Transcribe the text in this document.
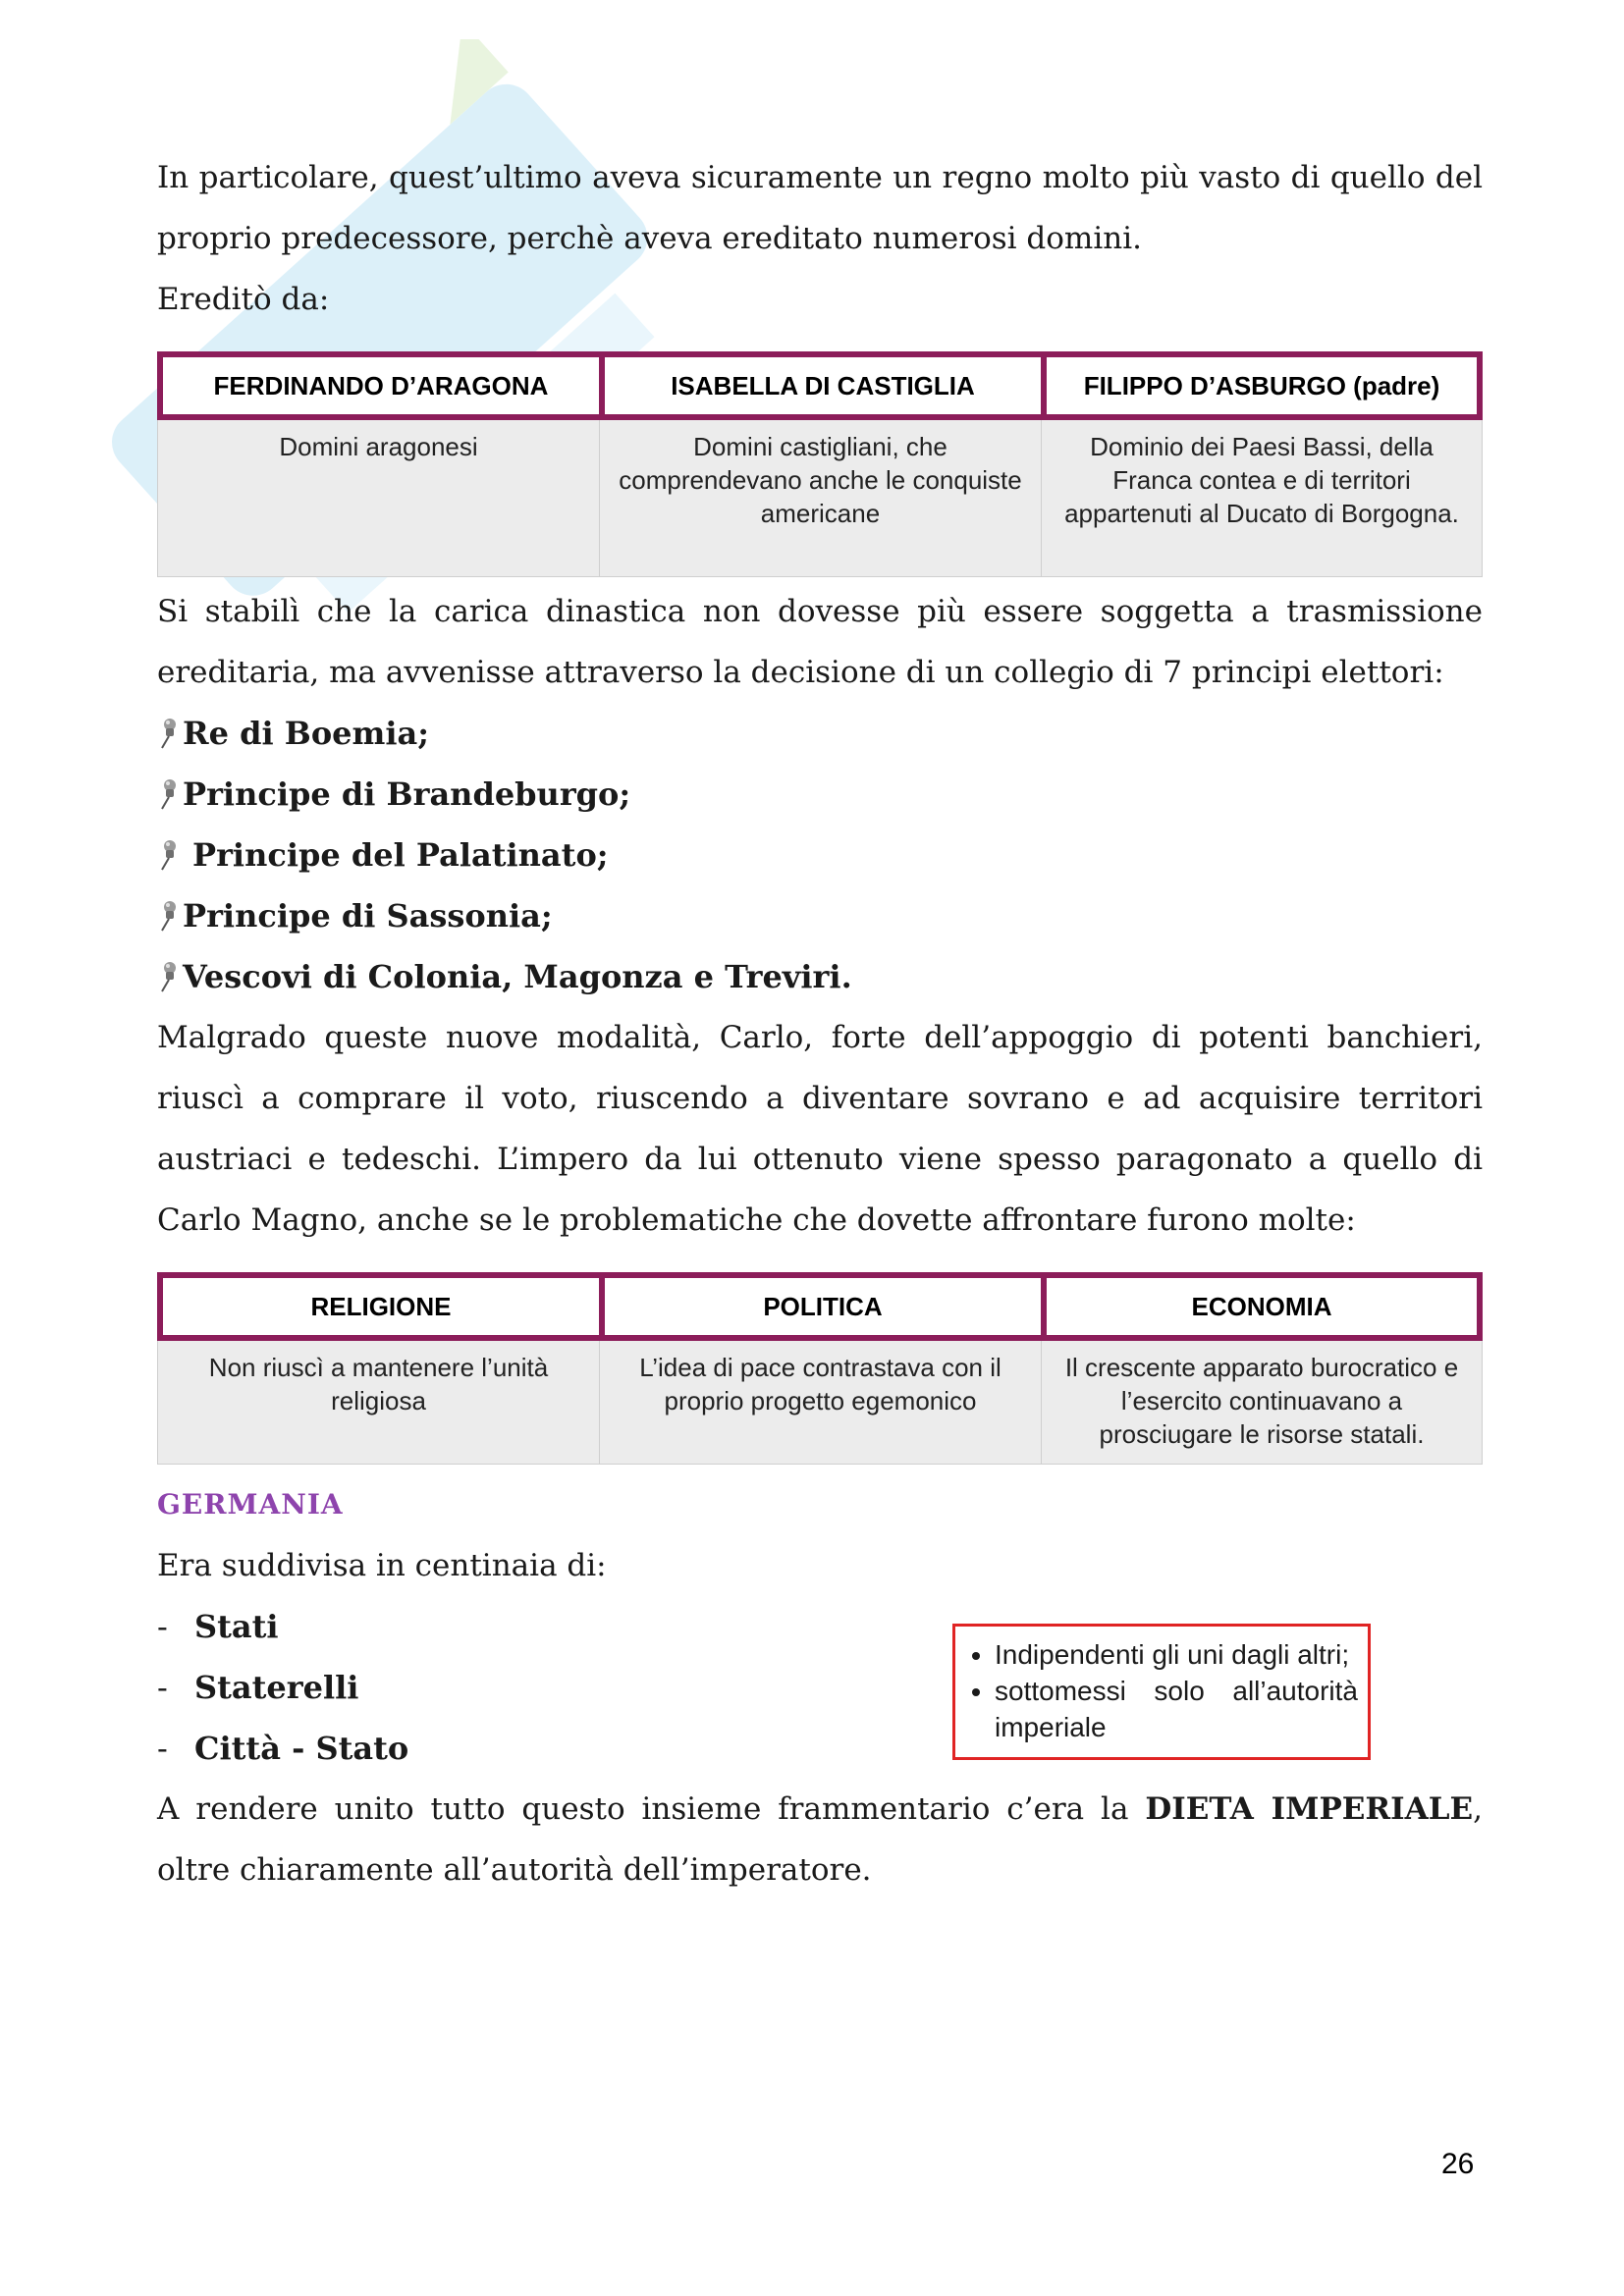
In particolare, quest’ultimo aveva sicuramente un regno molto più vasto di quello del proprio predecessore, perchè aveva ereditato numerosi domini.

Ereditò da:

FERDINANDO D’ARAGONA	ISABELLA DI CASTIGLIA	FILIPPO D’ASBURGO (padre)
Domini aragonesi	Domini castigliani, che comprendevano anche le conquiste americane	Dominio dei Paesi Bassi, della Franca contea e di territori appartenuti al Ducato di Borgogna.

Si stabilì che la carica dinastica non dovesse più essere soggetta a trasmissione ereditaria, ma avvenisse attraverso la decisione di un collegio di 7 principi elettori:

Re di Boemia;
Principe di Brandeburgo;
Principe del Palatinato;
Principe di Sassonia;
Vescovi di Colonia, Magonza e Treviri.

Malgrado queste nuove modalità, Carlo, forte dell’appoggio di potenti banchieri, riuscì a comprare il voto, riuscendo a diventare sovrano e ad acquisire territori austriaci e tedeschi. L’impero da lui ottenuto viene spesso paragonato a quello di Carlo Magno, anche se le problematiche che dovette affrontare furono molte:

RELIGIONE	POLITICA	ECONOMIA
Non riuscì a mantenere l’unità religiosa	L’idea di pace contrastava con il proprio progetto egemonico	Il crescente apparato burocratico e l’esercito continuavano a prosciugare le risorse statali.
GERMANIA

Era suddivisa in centinaia di:

- Stati
- Staterelli
- Città - Stato
• Indipendenti gli uni dagli altri;
• sottomessi solo all’autorità imperiale

A rendere unito tutto questo insieme frammentario c’era la DIETA IMPERIALE, oltre chiaramente all’autorità dell’imperatore.

26
